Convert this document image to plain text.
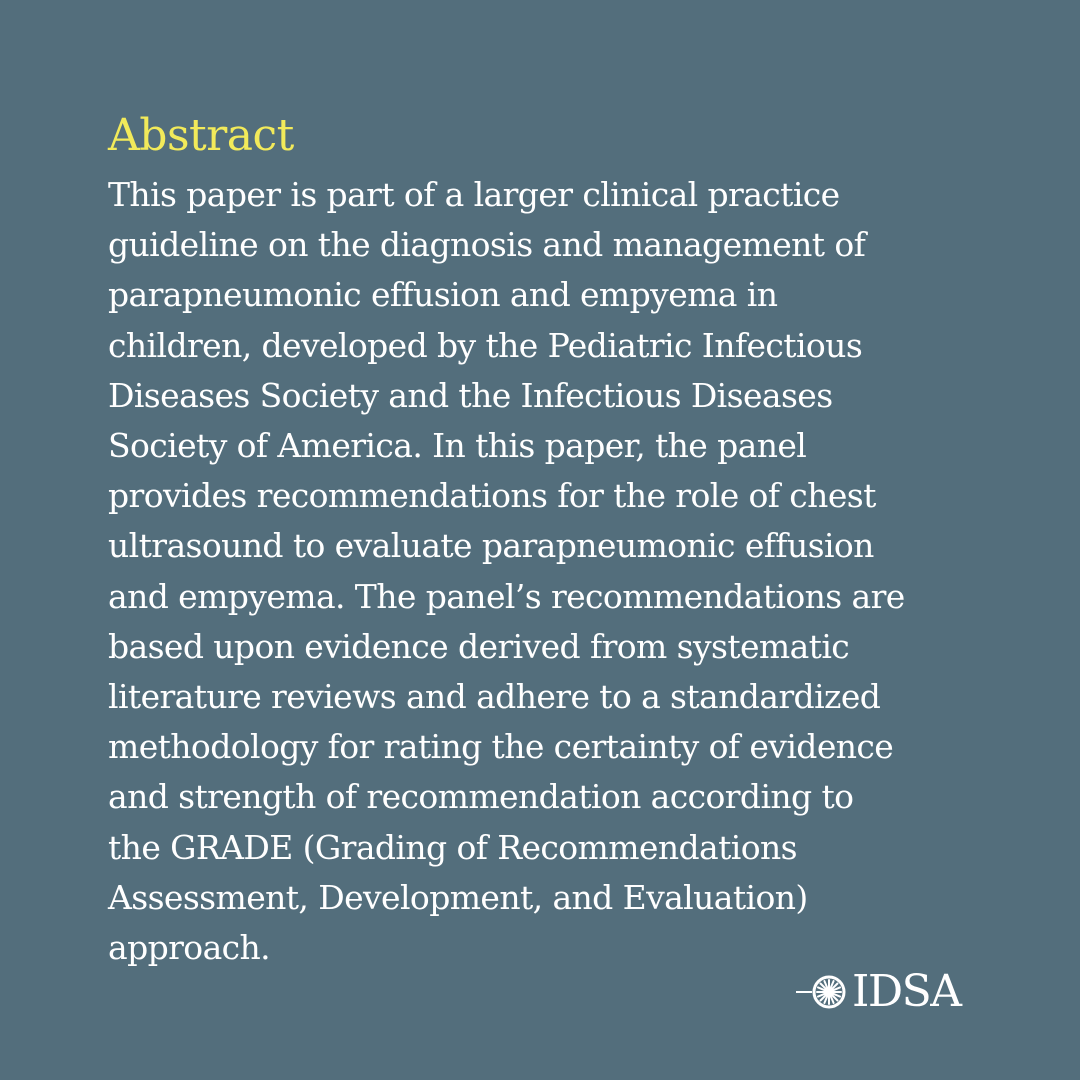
Abstract

This paper is part of a larger clinical practice
guideline on the diagnosis and management of
parapneumonic effusion and empyema in
children, developed by the Pediatric Infectious
Diseases Society and the Infectious Diseases
Society of America. In this paper, the panel
provides recommendations for the role of chest
ultrasound to evaluate parapneumonic effusion
and empyema. The panel’s recommendations are
based upon evidence derived from systematic
literature reviews and adhere to a standardized
methodology for rating the certainty of evidence
and strength of recommendation according to
the GRADE (Grading of Recommendations
Assessment, Development, and Evaluation)
approach.

IDSA
